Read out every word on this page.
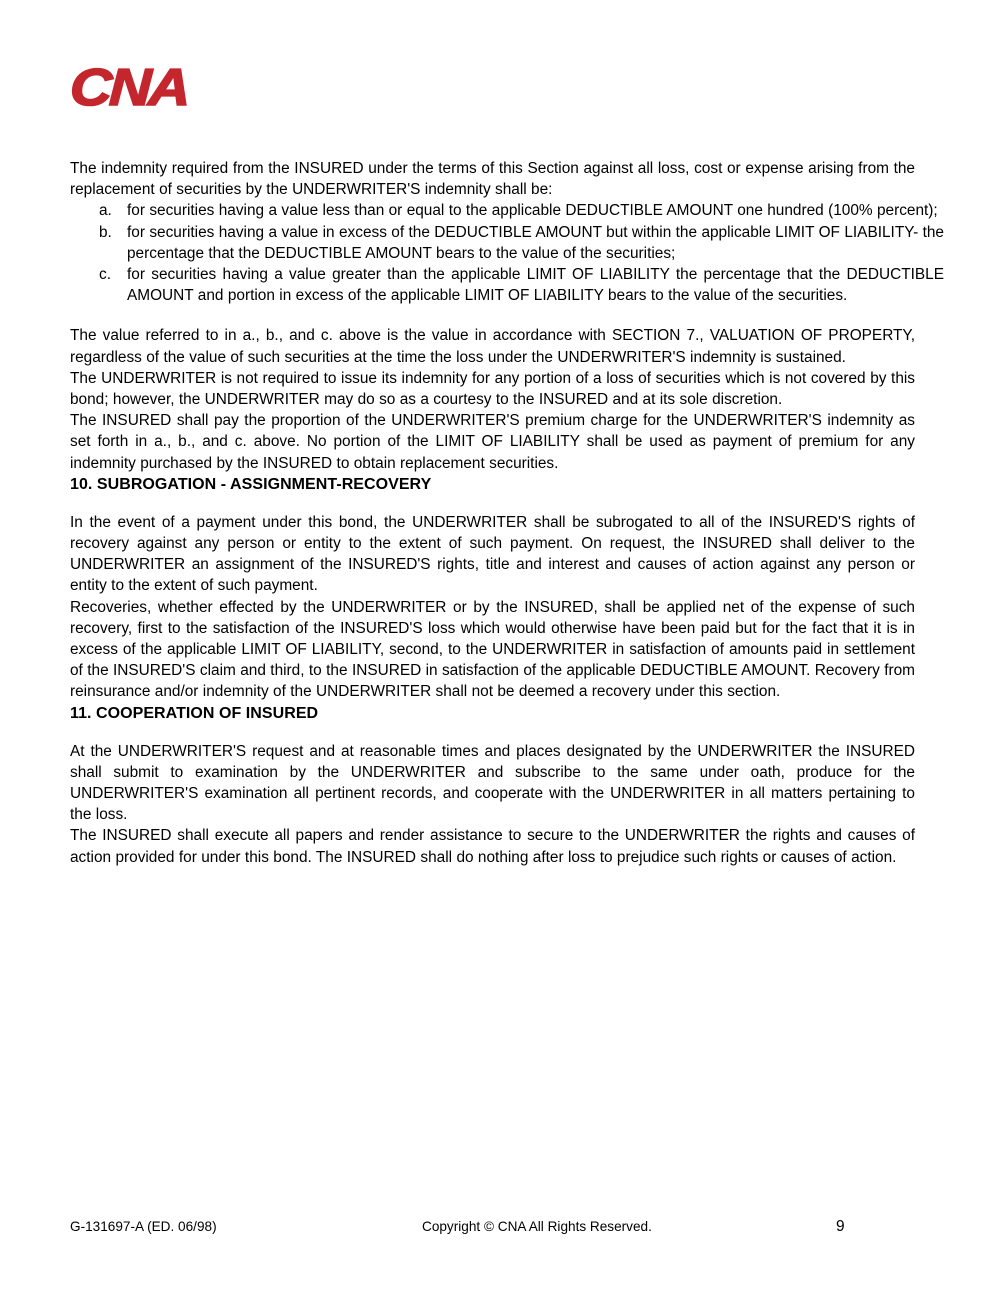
CNA

The indemnity required from the INSURED under the terms of this Section against all loss, cost or expense arising from the replacement of securities by the UNDERWRITER'S indemnity shall be:

a. for securities having a value less than or equal to the applicable DEDUCTIBLE AMOUNT one hundred (100% percent);
b. for securities having a value in excess of the DEDUCTIBLE AMOUNT but within the applicable LIMIT OF LIABILITY- the percentage that the DEDUCTIBLE AMOUNT bears to the value of the securities;
c. for securities having a value greater than the applicable LIMIT OF LIABILITY the percentage that the DEDUCTIBLE AMOUNT and portion in excess of the applicable LIMIT OF LIABILITY bears to the value of the securities.

The value referred to in a., b., and c. above is the value in accordance with SECTION 7., VALUATION OF PROPERTY, regardless of the value of such securities at the time the loss under the UNDERWRITER'S indemnity is sustained.

The UNDERWRITER is not required to issue its indemnity for any portion of a loss of securities which is not covered by this bond; however, the UNDERWRITER may do so as a courtesy to the INSURED and at its sole discretion.

The INSURED shall pay the proportion of the UNDERWRITER'S premium charge for the UNDERWRITER'S indemnity as set forth in a., b., and c. above. No portion of the LIMIT OF LIABILITY shall be used as payment of premium for any indemnity purchased by the INSURED to obtain replacement securities.

10. SUBROGATION - ASSIGNMENT-RECOVERY

In the event of a payment under this bond, the UNDERWRITER shall be subrogated to all of the INSURED'S rights of recovery against any person or entity to the extent of such payment. On request, the INSURED shall deliver to the UNDERWRITER an assignment of the INSURED'S rights, title and interest and causes of action against any person or entity to the extent of such payment.

Recoveries, whether effected by the UNDERWRITER or by the INSURED, shall be applied net of the expense of such recovery, first to the satisfaction of the INSURED'S loss which would otherwise have been paid but for the fact that it is in excess of the applicable LIMIT OF LIABILITY, second, to the UNDERWRITER in satisfaction of amounts paid in settlement of the INSURED'S claim and third, to the INSURED in satisfaction of the applicable DEDUCTIBLE AMOUNT. Recovery from reinsurance and/or indemnity of the UNDERWRITER shall not be deemed a recovery under this section.

11. COOPERATION OF INSURED

At the UNDERWRITER'S request and at reasonable times and places designated by the UNDERWRITER the INSURED shall submit to examination by the UNDERWRITER and subscribe to the same under oath, produce for the UNDERWRITER'S examination all pertinent records, and cooperate with the UNDERWRITER in all matters pertaining to the loss.

The INSURED shall execute all papers and render assistance to secure to the UNDERWRITER the rights and causes of action provided for under this bond. The INSURED shall do nothing after loss to prejudice such rights or causes of action.

G-131697-A (ED. 06/98)	Copyright © CNA All Rights Reserved.	9
